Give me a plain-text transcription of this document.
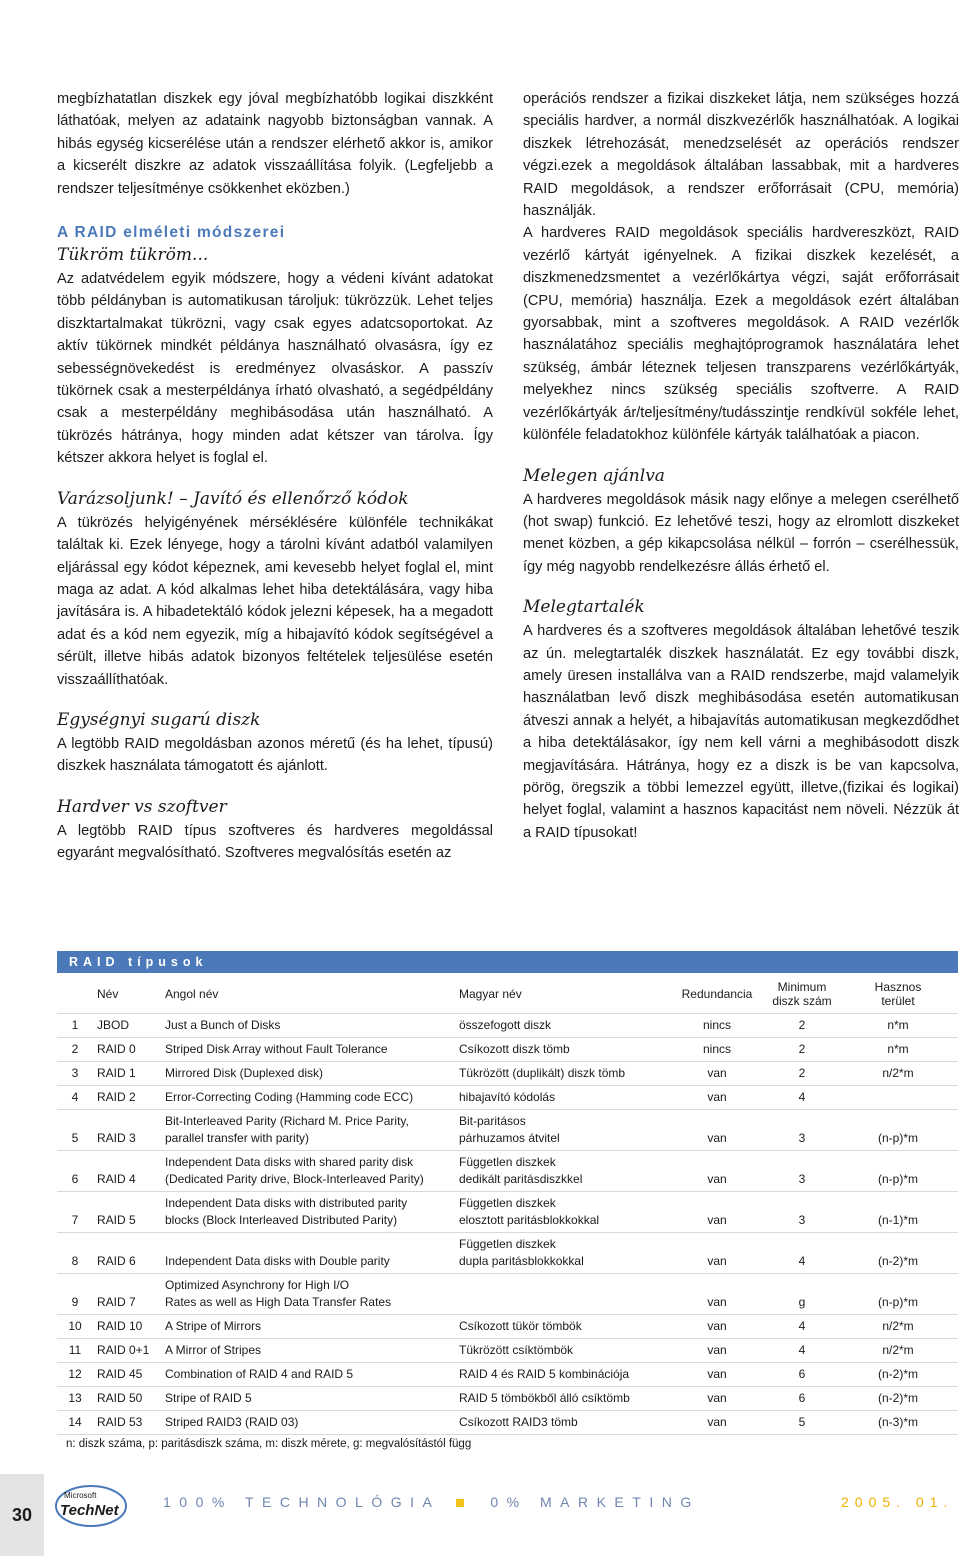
megbízhatatlan diszkek egy jóval megbízhatóbb logikai diszkként láthatóak, melyen az adataink nagyobb biztonságban vannak. A hibás egység kicserélése után a rendszer elérhető akkor is, amikor a kicserélt diszkre az adatok visszaállítása folyik. (Legfeljebb a rendszer teljesítménye csökkenhet eközben.)

A RAID elméleti módszerei
Tükröm tükröm...

Az adatvédelem egyik módszere, hogy a védeni kívánt adatokat több példányban is automatikusan tároljuk: tükrözzük. Lehet teljes diszktartalmakat tükrözni, vagy csak egyes adatcsoportokat. Az aktív tükörnek mindkét példánya használható olvasásra, így ez sebességnövekedést is eredményez olvasáskor. A passzív tükörnek csak a mesterpéldánya írható olvasható, a segédpéldány csak a mesterpéldány meghibásodása után használható. A tükrözés hátránya, hogy minden adat kétszer van tárolva. Így kétszer akkora helyet is foglal el.

Varázsoljunk! – Javító és ellenőrző kódok

A tükrözés helyigényének mérséklésére különféle technikákat találtak ki. Ezek lényege, hogy a tárolni kívánt adatból valamilyen eljárással egy kódot képeznek, ami kevesebb helyet foglal el, mint maga az adat. A kód alkalmas lehet hiba detektálására, vagy hiba javítására is. A hibadetektáló kódok jelezni képesek, ha a megadott adat és a kód nem egyezik, míg a hibajavító kódok segítségével a sérült, illetve hibás adatok bizonyos feltételek teljesülése esetén visszaállíthatóak.

Egységnyi sugarú diszk

A legtöbb RAID megoldásban azonos méretű (és ha lehet, típusú) diszkek használata támogatott és ajánlott.

Hardver vs szoftver

A legtöbb RAID típus szoftveres és hardveres megoldással egyaránt megvalósítható. Szoftveres megvalósítás esetén az

operációs rendszer a fizikai diszkeket látja, nem szükséges hozzá speciális hardver, a normál diszkvezérlők használhatóak. A logikai diszkek létrehozását, menedzselését az operációs rendszer végzi.ezek a megoldások általában lassabbak, mit a hardveres RAID megoldások, a rendszer erőforrásait (CPU, memória) használják.

A hardveres RAID megoldások speciális hardvereszközt, RAID vezérlő kártyát igényelnek. A fizikai diszkek kezelését, a diszkmenedzsmentet a vezérlőkártya végzi, saját erőforrásait (CPU, memória) használja. Ezek a megoldások ezért általában gyorsabbak, mint a szoftveres megoldások. A RAID vezérlők használatához speciális meghajtóprogramok használatára lehet szükség, ámbár léteznek teljesen transzparens vezérlőkártyák, melyekhez nincs szükség speciális szoftverre. A RAID vezérlőkártyák ár/teljesítmény/tudásszintje rendkívül sokféle lehet, különféle feladatokhoz különféle kártyák találhatóak a piacon.

Melegen ajánlva

A hardveres megoldások másik nagy előnye a melegen cserélhető (hot swap) funkció. Ez lehetővé teszi, hogy az elromlott diszkeket menet közben, a gép kikapcsolása nélkül – forrón – cserélhessük, így még nagyobb rendelkezésre állás érhető el.

Melegtartalék

A hardveres és a szoftveres megoldások általában lehetővé teszik az ún. melegtartalék diszkek használatát. Ez egy további diszk, amely üresen installálva van a RAID rendszerbe, majd valamelyik használatban levő diszk meghibásodása esetén automatikusan átveszi annak a helyét, a hibajavítás automatikusan megkezdődhet a hiba detektálásakor, így nem kell várni a meghibásodott diszk megjavítására. Hátránya, hogy ez a diszk is be van kapcsolva, pörög, öregszik a többi lemezzel együtt, illetve,(fizikai és logikai) helyet foglal, valamint a hasznos kapacitást nem növeli. Nézzük át a RAID típusokat!

RAID típusok
	Név	Angol név	Magyar név	Redundancia	Minimum
diszk szám	Hasznos
terület
1	JBOD	Just a Bunch of Disks	összefogott diszk	nincs	2	n*m
2	RAID 0	Striped Disk Array without Fault Tolerance	Csíkozott diszk tömb	nincs	2	n*m
3	RAID 1	Mirrored Disk (Duplexed disk)	Tükrözött (duplikált) diszk tömb	van	2	n/2*m
4	RAID 2	Error-Correcting Coding (Hamming code ECC)	hibajavító kódolás	van	4	
5	RAID 3	Bit-Interleaved Parity (Richard M. Price Parity,
parallel transfer with parity)	Bit-paritásos
párhuzamos átvitel	van	3	(n-p)*m
6	RAID 4	Independent Data disks with shared parity disk
(Dedicated Parity drive, Block-Interleaved Parity)	Független diszkek
dedikált paritásdiszkkel	van	3	(n-p)*m
7	RAID 5	Independent Data disks with distributed parity
blocks (Block Interleaved Distributed Parity)	Független diszkek
elosztott paritásblokkokkal	van	3	(n-1)*m
8	RAID 6	Independent Data disks with Double parity	Független diszkek
dupla paritásblokkokkal	van	4	(n-2)*m
9	RAID 7	Optimized Asynchrony for High I/O
Rates as well as High Data Transfer Rates		van	g	(n-p)*m
10	RAID 10	A Stripe of Mirrors	Csíkozott tükör tömbök	van	4	n/2*m
11	RAID 0+1	A Mirror of Stripes	Tükrözött csíktömbök	van	4	n/2*m
12	RAID 45	Combination of RAID 4 and RAID 5	RAID 4 és RAID 5 kombinációja	van	6	(n-2)*m
13	RAID 50	Stripe of RAID 5	RAID 5 tömbökből álló csíktömb	van	6	(n-2)*m
14	RAID 53	Striped RAID3 (RAID 03)	Csíkozott RAID3 tömb	van	5	(n-3)*m
n: diszk száma, p: paritásdiszk száma, m: diszk mérete, g: megvalósítástól függ
30
Microsoft
TechNet	100% TECHNOLÓGIA	0% MARKETING	2005. 01.
